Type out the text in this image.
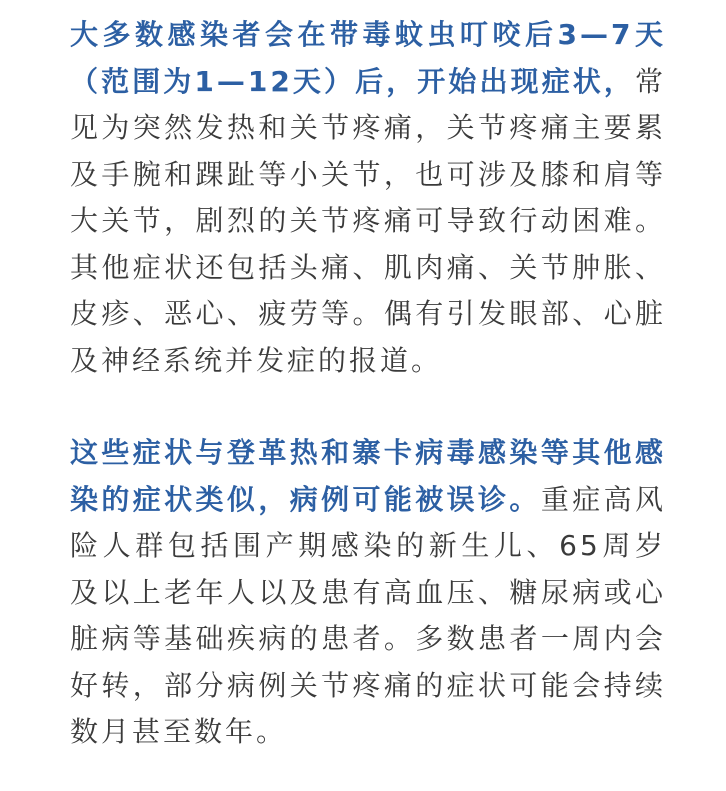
大多数感染者会在带毒蚊虫叮咬后3—7天（范围为1—12天）后，开始出现症状，常见为突然发热和关节疼痛，关节疼痛主要累及手腕和踝趾等小关节，也可涉及膝和肩等大关节，剧烈的关节疼痛可导致行动困难。其他症状还包括头痛、肌肉痛、关节肿胀、皮疹、恶心、疲劳等。偶有引发眼部、心脏及神经系统并发症的报道。

这些症状与登革热和寨卡病毒感染等其他感染的症状类似，病例可能被误诊。重症高风险人群包括围产期感染的新生儿、65周岁及以上老年人以及患有高血压、糖尿病或心脏病等基础疾病的患者。多数患者一周内会好转，部分病例关节疼痛的症状可能会持续数月甚至数年。
